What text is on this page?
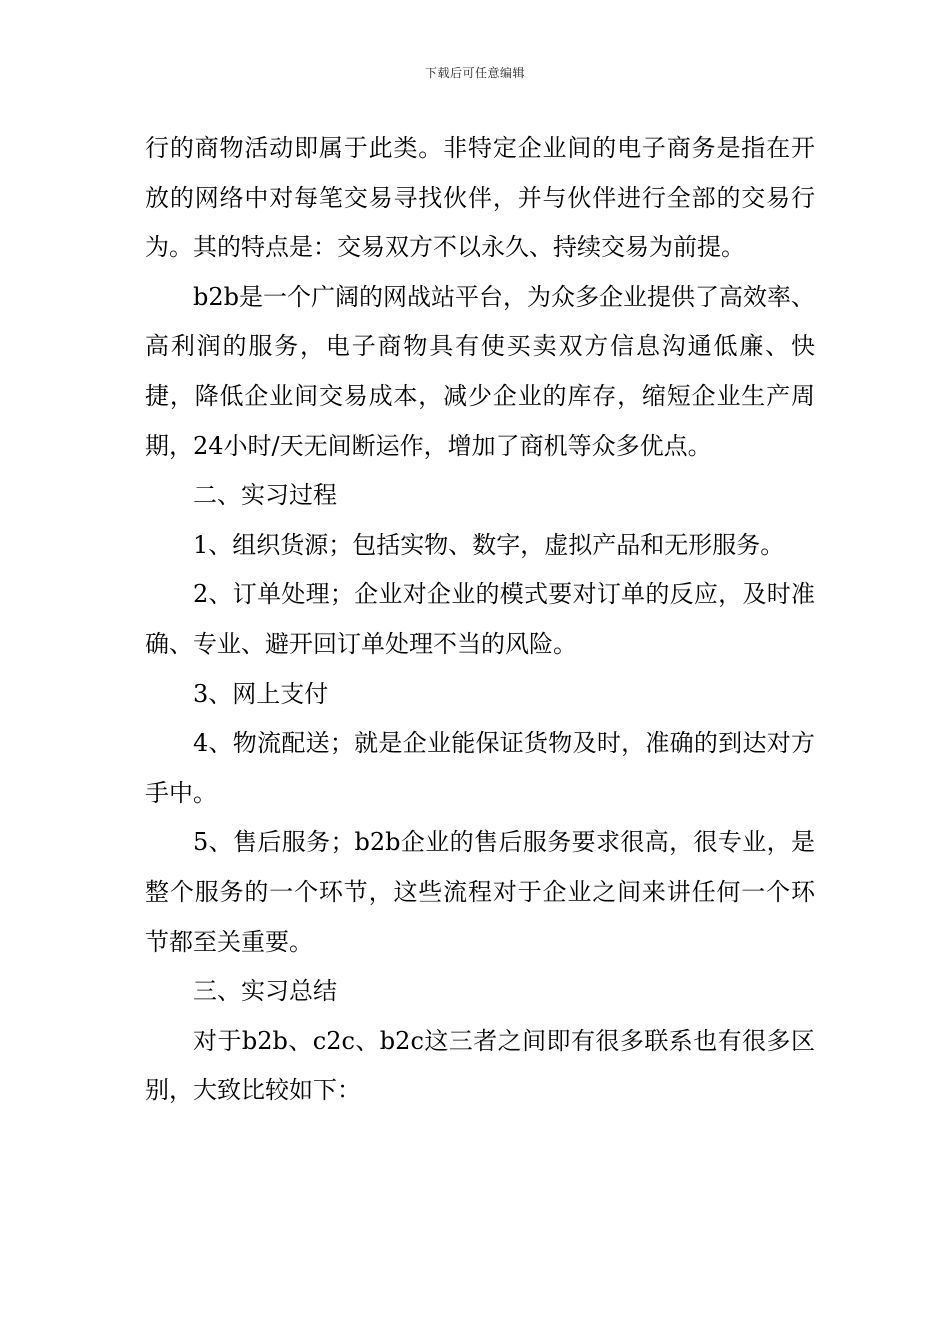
下载后可任意编辑

行的商物活动即属于此类。非特定企业间的电子商务是指在开放的网络中对每笔交易寻找伙伴，并与伙伴进行全部的交易行为。其的特点是：交易双方不以永久、持续交易为前提。

b2b是一个广阔的网战站平台，为众多企业提供了高效率、高利润的服务，电子商物具有使买卖双方信息沟通低廉、快捷，降低企业间交易成本，减少企业的库存，缩短企业生产周期，24小时/天无间断运作，增加了商机等众多优点。

二、实习过程

1、组织货源；包括实物、数字，虚拟产品和无形服务。

2、订单处理；企业对企业的模式要对订单的反应，及时准确、专业、避开回订单处理不当的风险。

3、网上支付

4、物流配送；就是企业能保证货物及时，准确的到达对方手中。

5、售后服务；b2b企业的售后服务要求很高，很专业，是整个服务的一个环节，这些流程对于企业之间来讲任何一个环节都至关重要。

三、实习总结

对于b2b、c2c、b2c这三者之间即有很多联系也有很多区别，大致比较如下：
